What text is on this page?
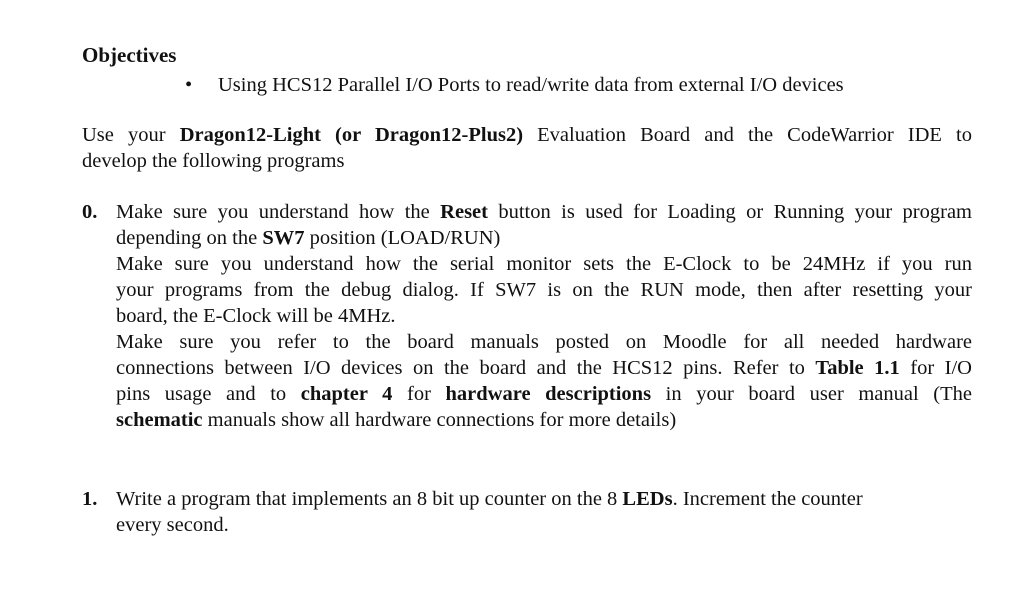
Objectives
• Using HCS12 Parallel I/O Ports to read/write data from external I/O devices
Use your Dragon12-Light (or Dragon12-Plus2) Evaluation Board and the CodeWarrior IDE to
develop the following programs
0. Make sure you understand how the Reset button is used for Loading or Running your program
depending on the SW7 position (LOAD/RUN)
Make sure you understand how the serial monitor sets the E-Clock to be 24MHz if you run
your programs from the debug dialog. If SW7 is on the RUN mode, then after resetting your
board, the E-Clock will be 4MHz.
Make sure you refer to the board manuals posted on Moodle for all needed hardware
connections between I/O devices on the board and the HCS12 pins. Refer to Table 1.1 for I/O
pins usage and to chapter 4 for hardware descriptions in your board user manual (The
schematic manuals show all hardware connections for more details)
1. Write a program that implements an 8 bit up counter on the 8 LEDs. Increment the counter
every second.
